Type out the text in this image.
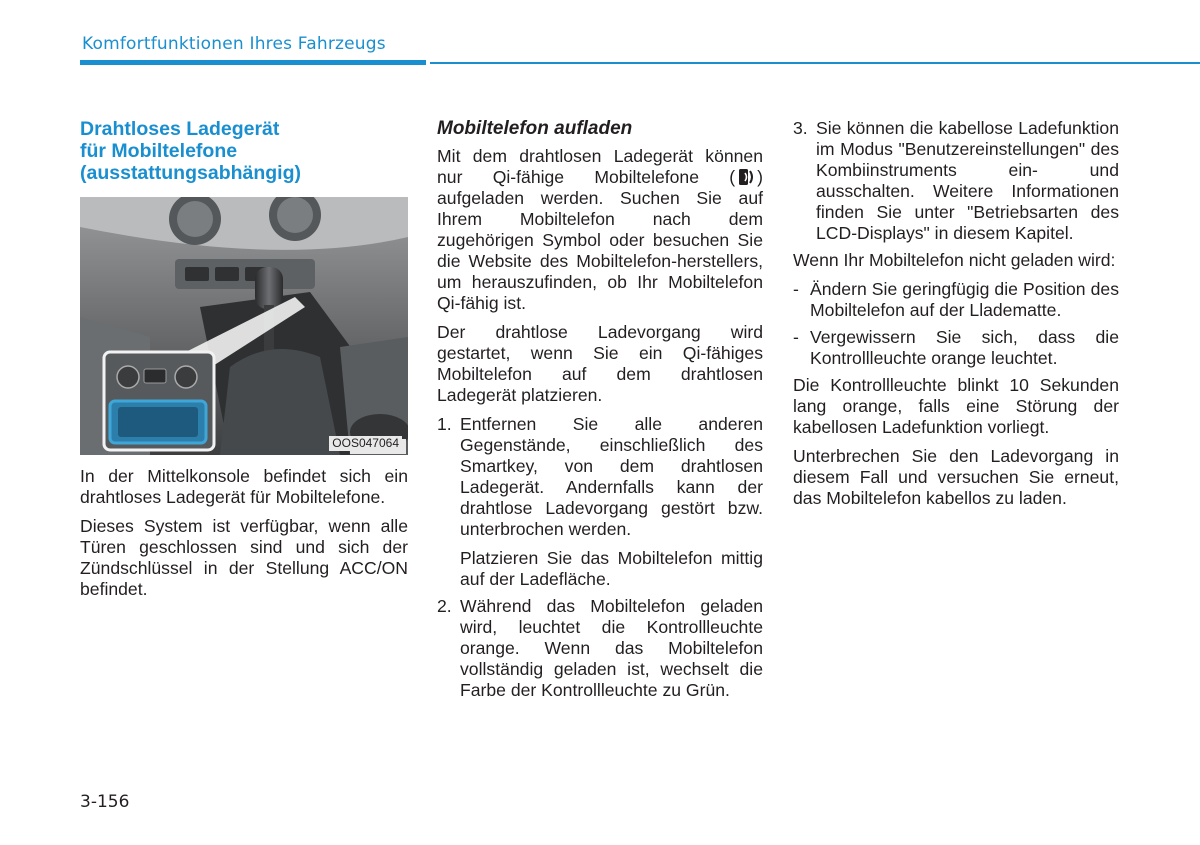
Komfortfunktionen Ihres Fahrzeugs
Drahtloses Ladegerät
für Mobiltelefone
(ausstattungsabhängig)
OOS047064

In der Mittelkonsole befindet sich ein drahtloses Ladegerät für Mobiltelefone.

Dieses System ist verfügbar, wenn alle Türen geschlossen sind und sich der Zündschlüssel in der Stellung ACC/ON befindet.

Mobiltelefon aufladen

Mit dem drahtlosen Ladegerät können nur Qi-fähige Mobiltelefone ( ) aufgeladen werden. Suchen Sie auf Ihrem Mobiltelefon nach dem zugehörigen Symbol oder besuchen Sie die Website des Mobiltelefon-herstellers, um herauszufinden, ob Ihr Mobiltelefon Qi-fähig ist.

Der drahtlose Ladevorgang wird gestartet, wenn Sie ein Qi-fähiges Mobiltelefon auf dem drahtlosen Ladegerät platzieren.

1. Entfernen Sie alle anderen Gegenstände, einschließlich des Smartkey, von dem drahtlosen Ladegerät. Andernfalls kann der drahtlose Ladevorgang gestört bzw. unterbrochen werden.

Platzieren Sie das Mobiltelefon mittig auf der Ladefläche.

2. Während das Mobiltelefon geladen wird, leuchtet die Kontrollleuchte orange. Wenn das Mobiltelefon vollständig geladen ist, wechselt die Farbe der Kontrollleuchte zu Grün.

3. Sie können die kabellose Ladefunktion im Modus "Benutzereinstellungen" des Kombiinstruments ein- und ausschalten. Weitere Informationen finden Sie unter "Betriebsarten des LCD-Displays" in diesem Kapitel.

Wenn Ihr Mobiltelefon nicht geladen wird:

- Ändern Sie geringfügig die Position des Mobiltelefon auf der Lladematte.
- Vergewissern Sie sich, dass die Kontrollleuchte orange leuchtet.

Die Kontrollleuchte blinkt 10 Sekunden lang orange, falls eine Störung der kabellosen Ladefunktion vorliegt.

Unterbrechen Sie den Ladevorgang in diesem Fall und versuchen Sie erneut, das Mobiltelefon kabellos zu laden.

3-156
